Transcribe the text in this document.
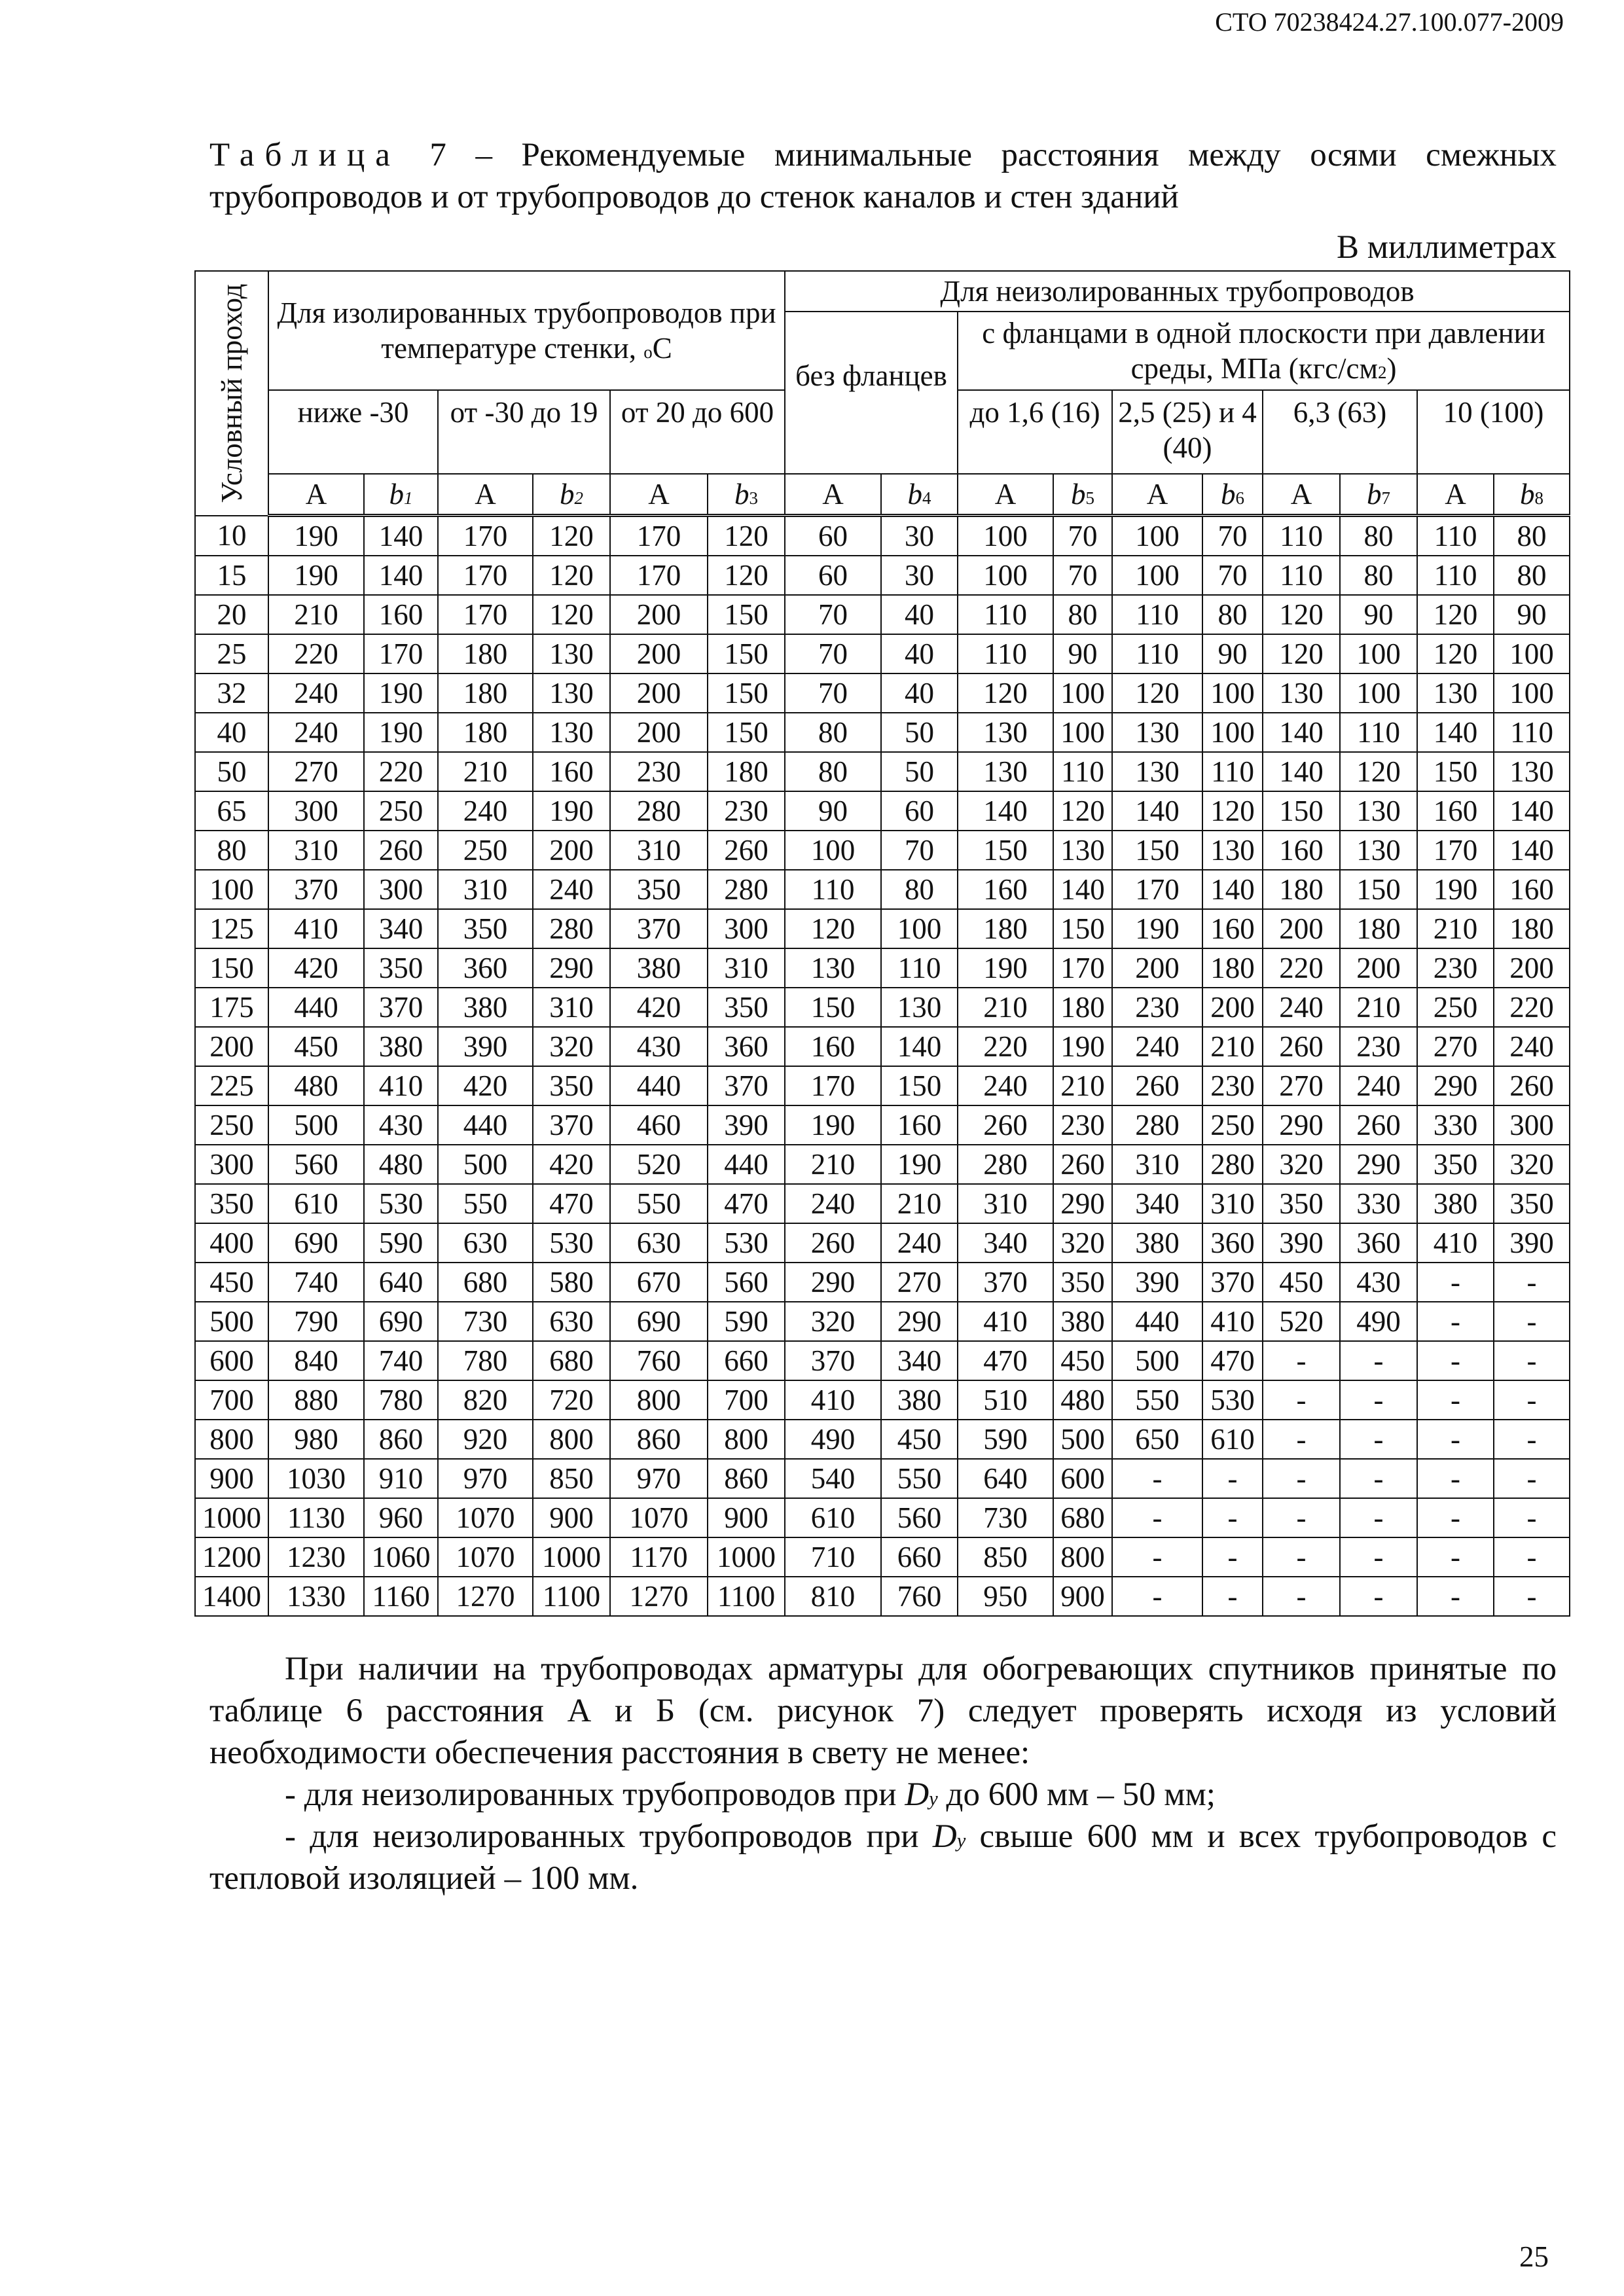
СТО 70238424.27.100.077-2009
Таблица 7 – Рекомендуемые минимальные расстояния между осями смежных трубопроводов и от трубопроводов до стенок каналов и стен зданий
В миллиметрах
Условный проход	Для изолированных трубопроводов при температуре стенки, $^о$С						Для неизолированных трубопроводов									
							без фланцев		с фланцами в одной плоскости при давлении среды, МПа $(кгс/см^2)$							
	ниже -30		от -30 до 19		от 20 до 600				до 1,6 (16)		2,5 (25) и 4 (40)		6,3 (63)		10 (100)	
	А	$b_1$	А	$b_2$	А	$b_3$	А	$b_4$	А	$b_5$	А	$b_6$	А	$b_7$	А	$b_8$
10	190	140	170	120	170	120	60	30	100	70	100	70	110	80	110	80
15	190	140	170	120	170	120	60	30	100	70	100	70	110	80	110	80
20	210	160	170	120	200	150	70	40	110	80	110	80	120	90	120	90
25	220	170	180	130	200	150	70	40	110	90	110	90	120	100	120	100
32	240	190	180	130	200	150	70	40	120	100	120	100	130	100	130	100
40	240	190	180	130	200	150	80	50	130	100	130	100	140	110	140	110
50	270	220	210	160	230	180	80	50	130	110	130	110	140	120	150	130
65	300	250	240	190	280	230	90	60	140	120	140	120	150	130	160	140
80	310	260	250	200	310	260	100	70	150	130	150	130	160	130	170	140
100	370	300	310	240	350	280	110	80	160	140	170	140	180	150	190	160
125	410	340	350	280	370	300	120	100	180	150	190	160	200	180	210	180
150	420	350	360	290	380	310	130	110	190	170	200	180	220	200	230	200
175	440	370	380	310	420	350	150	130	210	180	230	200	240	210	250	220
200	450	380	390	320	430	360	160	140	220	190	240	210	260	230	270	240
225	480	410	420	350	440	370	170	150	240	210	260	230	270	240	290	260
250	500	430	440	370	460	390	190	160	260	230	280	250	290	260	330	300
300	560	480	500	420	520	440	210	190	280	260	310	280	320	290	350	320
350	610	530	550	470	550	470	240	210	310	290	340	310	350	330	380	350
400	690	590	630	530	630	530	260	240	340	320	380	360	390	360	410	390
450	740	640	680	580	670	560	290	270	370	350	390	370	450	430	-	-
500	790	690	730	630	690	590	320	290	410	380	440	410	520	490	-	-
600	840	740	780	680	760	660	370	340	470	450	500	470	-	-	-	-
700	880	780	820	720	800	700	410	380	510	480	550	530	-	-	-	-
800	980	860	920	800	860	800	490	450	590	500	650	610	-	-	-	-
900	1030	910	970	850	970	860	540	550	640	600	-	-	-	-	-	-
1000	1130	960	1070	900	1070	900	610	560	730	680	-	-	-	-	-	-
1200	1230	1060	1070	1000	1170	1000	710	660	850	800	-	-	-	-	-	-
1400	1330	1160	1270	1100	1270	1100	810	760	950	900	-	-	-	-	-	-

При наличии на трубопроводах арматуры для обогревающих спутников принятые по таблице 6 расстояния А и Б (см. рисунок 7) следует проверять исходя из условий необходимости обеспечения расстояния в свету не менее:

- для неизолированных трубопроводов при $D_у$ до 600 мм – 50 мм;

- для неизолированных трубопроводов при $D_у$ свыше 600 мм и всех трубопроводов с тепловой изоляцией – 100 мм.

25
